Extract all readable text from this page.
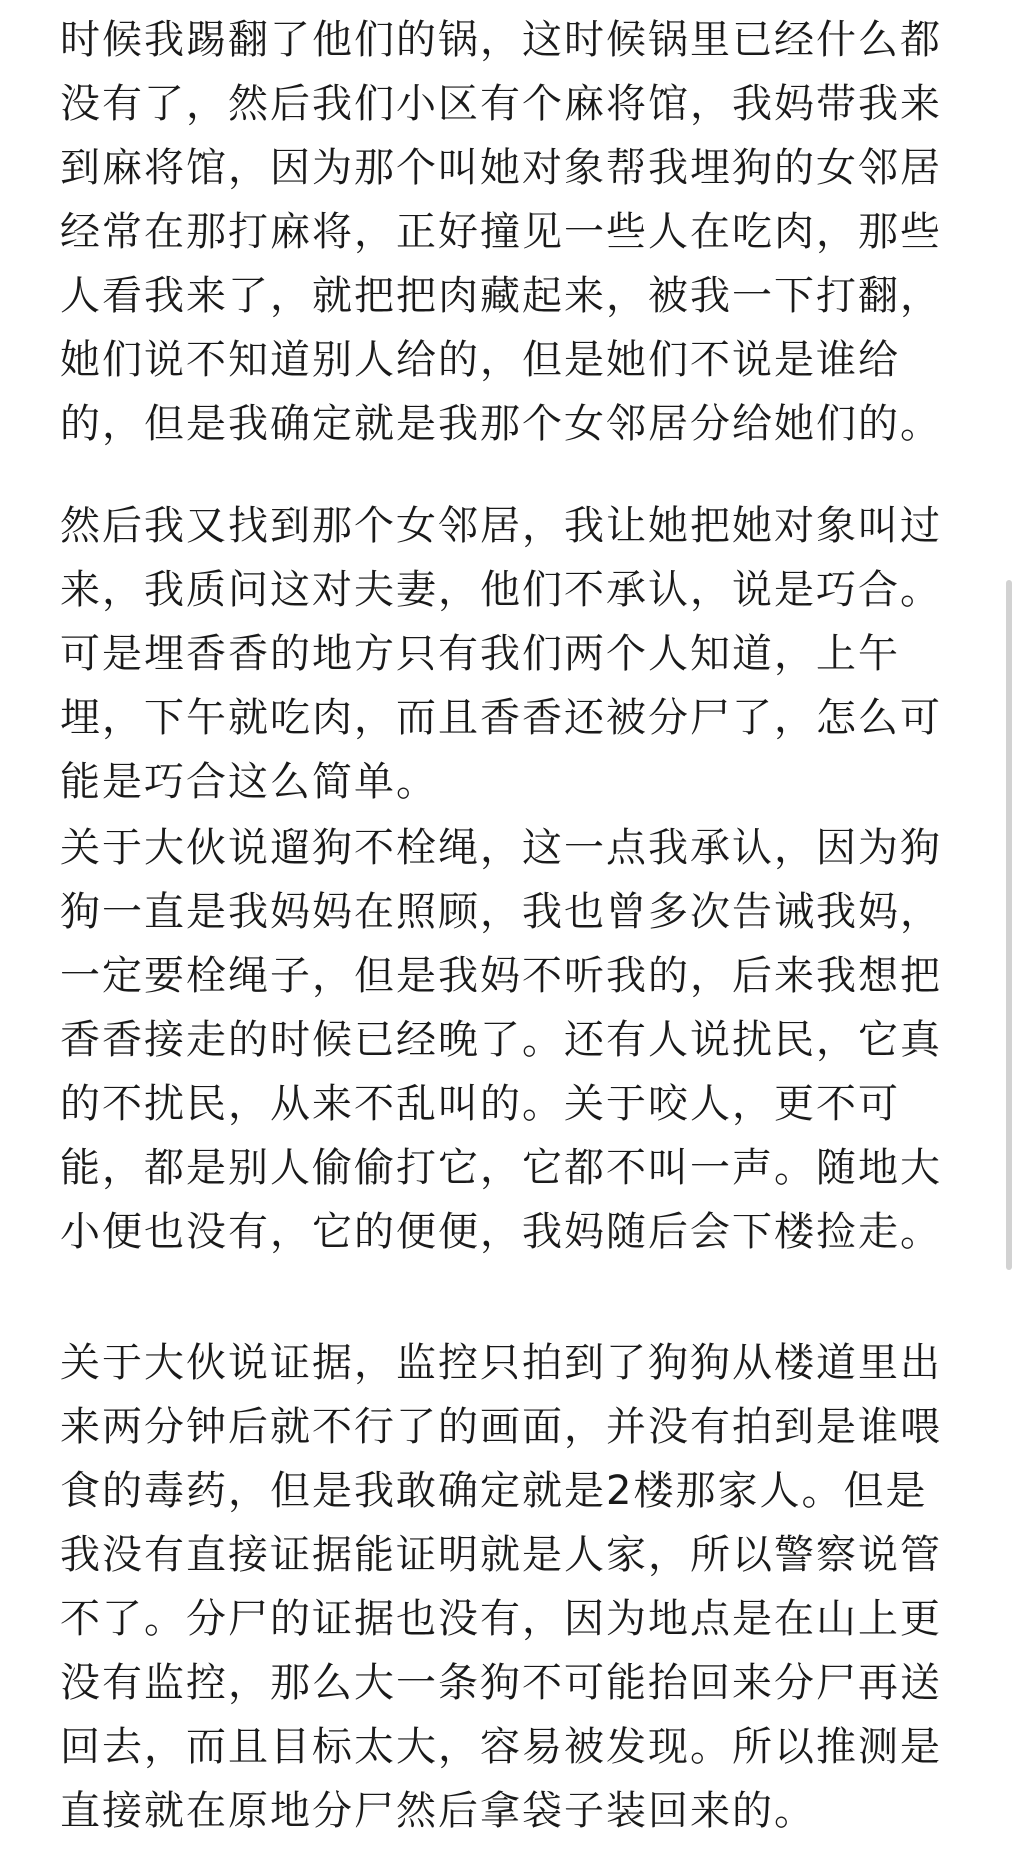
时候我踢翻了他们的锅，这时候锅里已经什么都
没有了，然后我们小区有个麻将馆，我妈带我来
到麻将馆，因为那个叫她对象帮我埋狗的女邻居
经常在那打麻将，正好撞见一些人在吃肉，那些
人看我来了，就把把肉藏起来，被我一下打翻，
她们说不知道别人给的，但是她们不说是谁给
的，但是我确定就是我那个女邻居分给她们的。
然后我又找到那个女邻居，我让她把她对象叫过
来，我质问这对夫妻，他们不承认，说是巧合。
可是埋香香的地方只有我们两个人知道，上午
埋，下午就吃肉，而且香香还被分尸了，怎么可
能是巧合这么简单。
关于大伙说遛狗不栓绳，这一点我承认，因为狗
狗一直是我妈妈在照顾，我也曾多次告诫我妈，
一定要栓绳子，但是我妈不听我的，后来我想把
香香接走的时候已经晚了。还有人说扰民，它真
的不扰民，从来不乱叫的。关于咬人，更不可
能，都是别人偷偷打它，它都不叫一声。随地大
小便也没有，它的便便，我妈随后会下楼捡走。
关于大伙说证据，监控只拍到了狗狗从楼道里出
来两分钟后就不行了的画面，并没有拍到是谁喂
食的毒药，但是我敢确定就是2楼那家人。但是
我没有直接证据能证明就是人家，所以警察说管
不了。分尸的证据也没有，因为地点是在山上更
没有监控，那么大一条狗不可能抬回来分尸再送
回去，而且目标太大，容易被发现。所以推测是
直接就在原地分尸然后拿袋子装回来的。
